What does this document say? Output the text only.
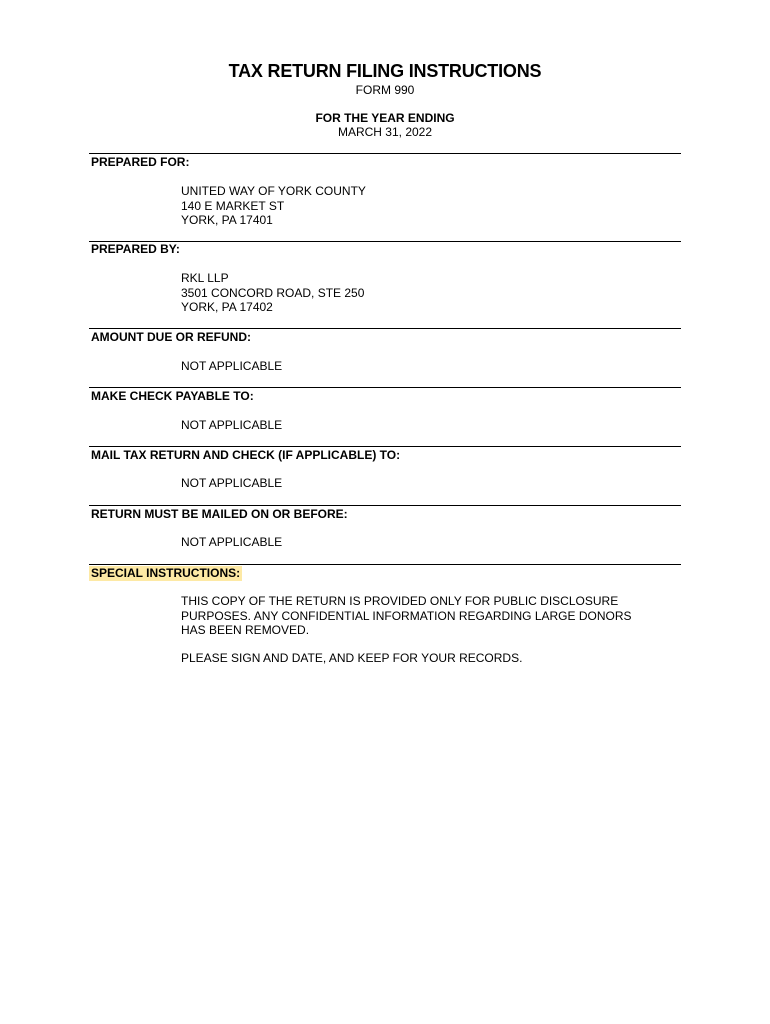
TAX RETURN FILING INSTRUCTIONS
FORM 990
FOR THE YEAR ENDING
MARCH 31, 2022
PREPARED FOR:
UNITED WAY OF YORK COUNTY
140 E MARKET ST
YORK, PA 17401
PREPARED BY:
RKL LLP
3501 CONCORD ROAD, STE 250
YORK, PA 17402
AMOUNT DUE OR REFUND:
NOT APPLICABLE
MAKE CHECK PAYABLE TO:
NOT APPLICABLE
MAIL TAX RETURN AND CHECK (IF APPLICABLE) TO:
NOT APPLICABLE
RETURN MUST BE MAILED ON OR BEFORE:
NOT APPLICABLE
SPECIAL INSTRUCTIONS:
THIS COPY OF THE RETURN IS PROVIDED ONLY FOR PUBLIC DISCLOSURE
PURPOSES. ANY CONFIDENTIAL INFORMATION REGARDING LARGE DONORS
HAS BEEN REMOVED.
PLEASE SIGN AND DATE, AND KEEP FOR YOUR RECORDS.
